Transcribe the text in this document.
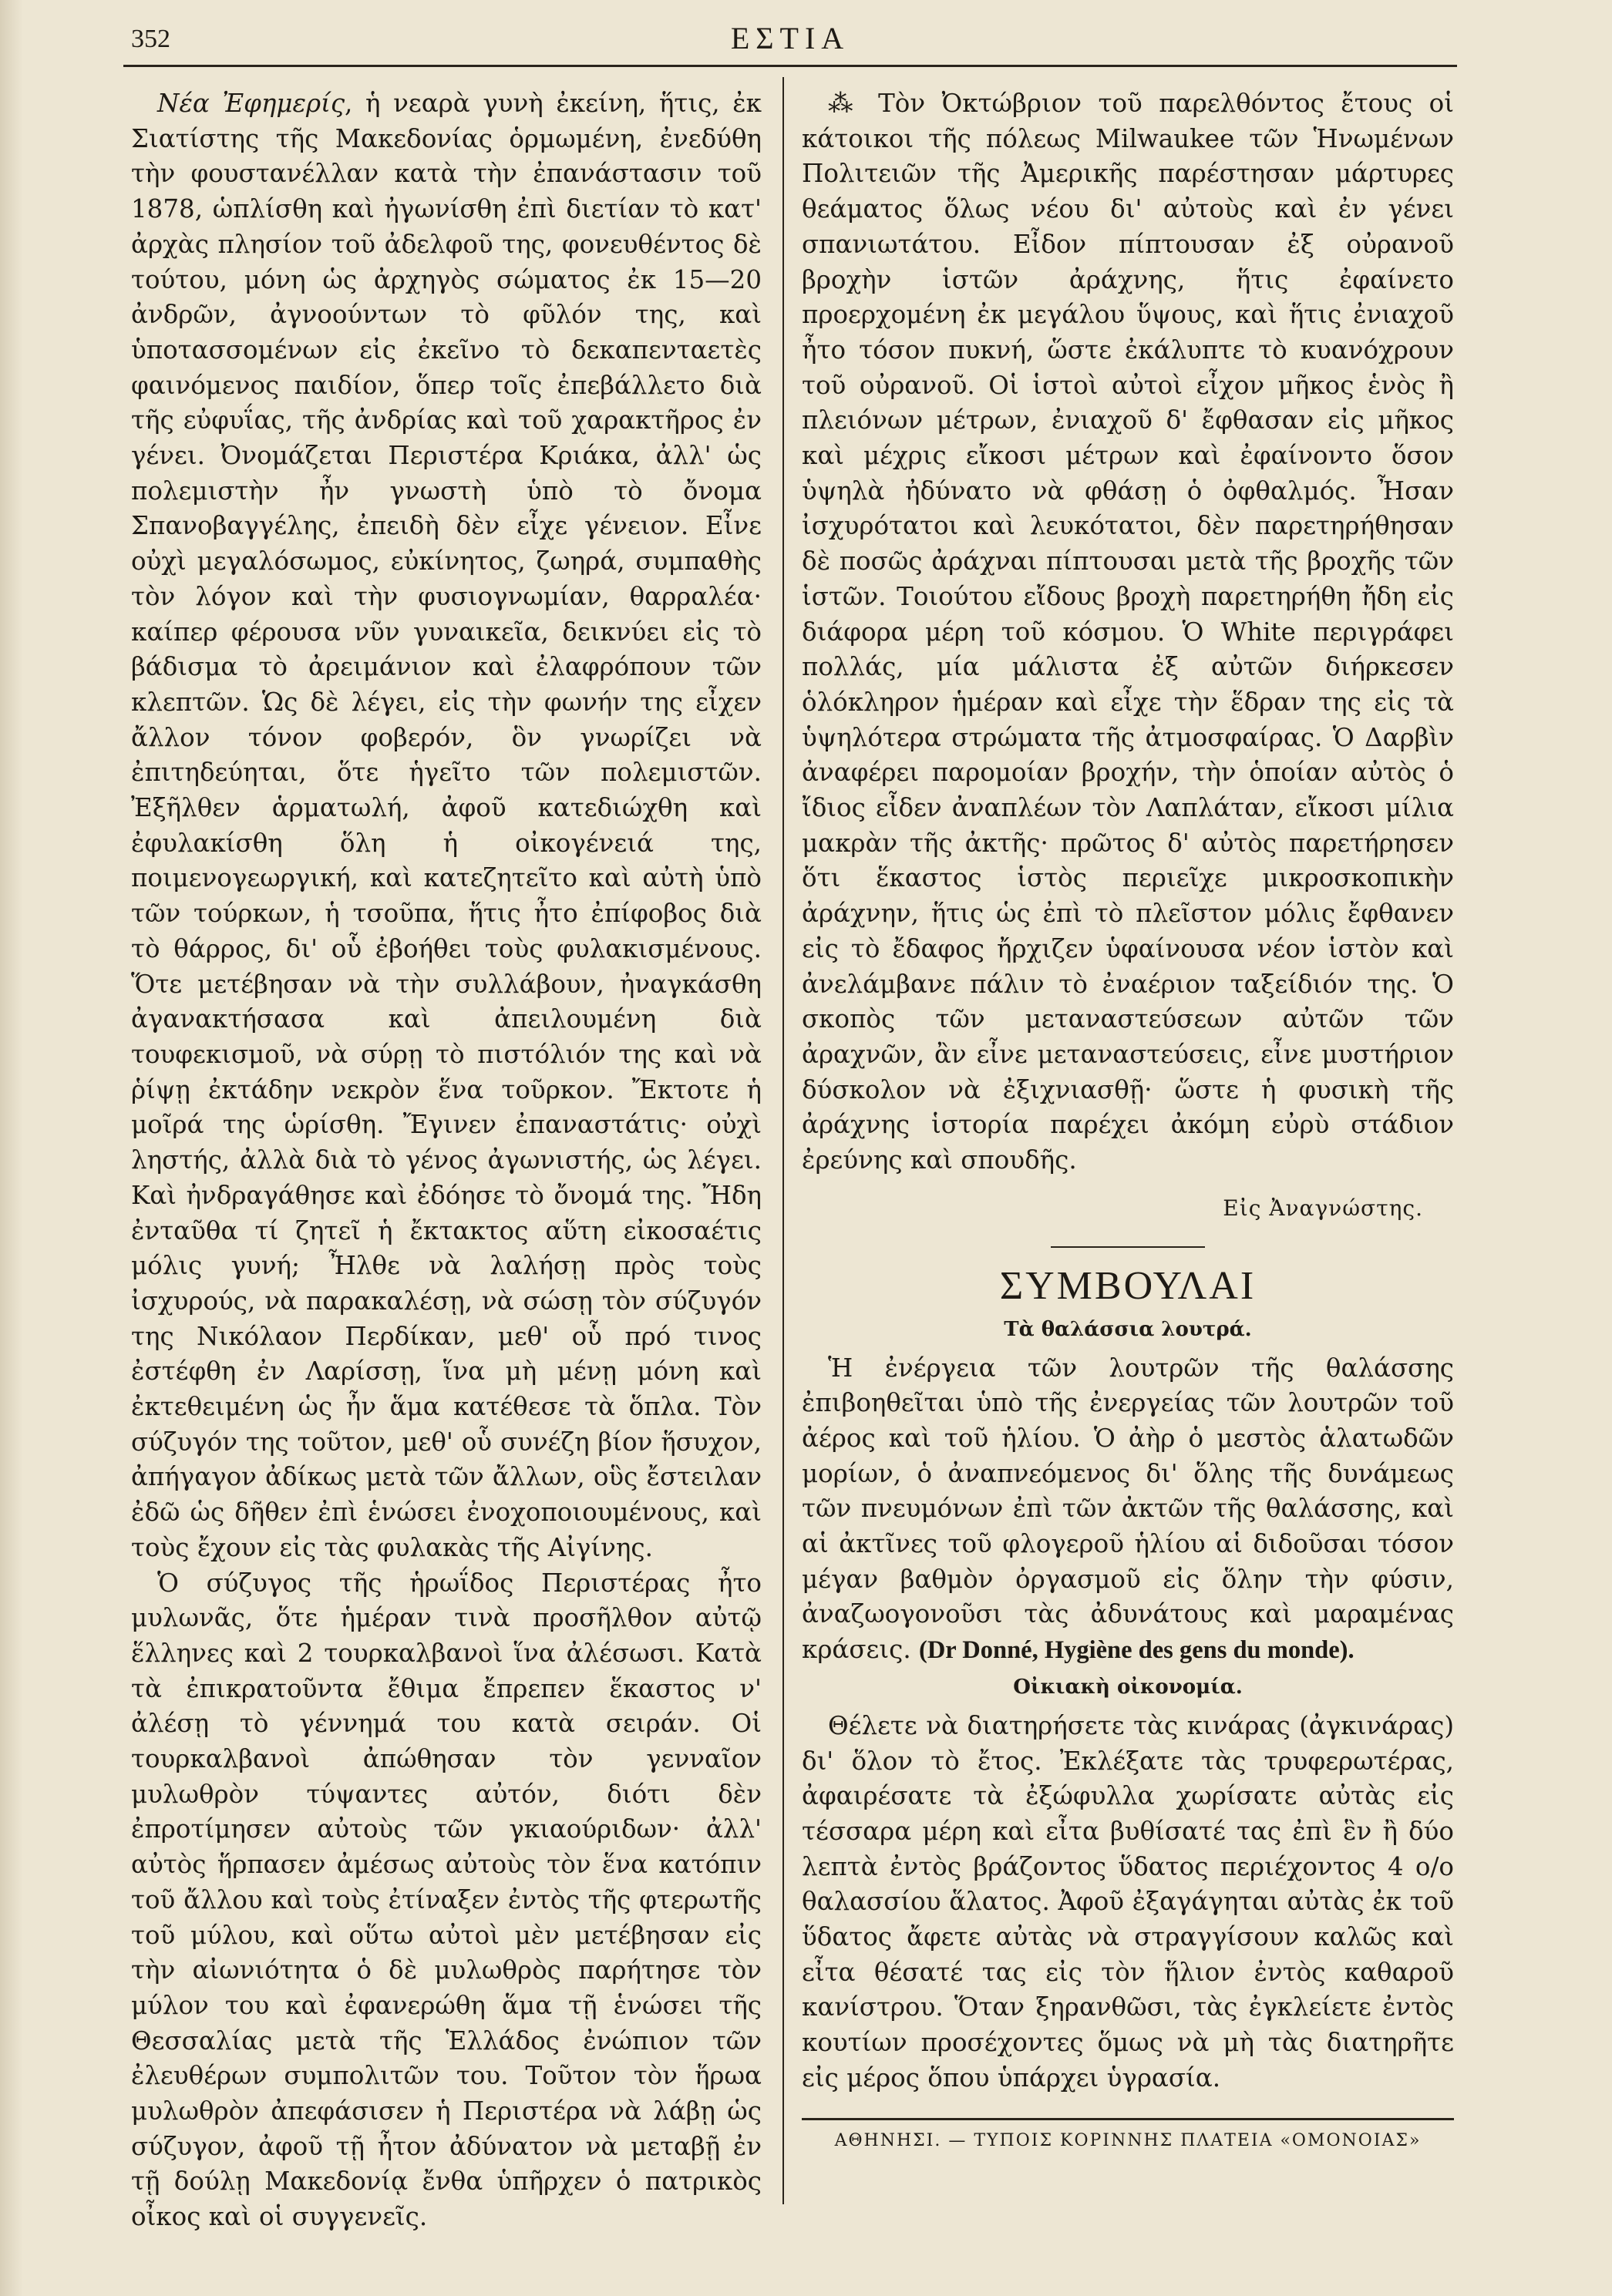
352	ΕΣΤΙΑ

Νέα Ἐφημερίς, ἡ νεαρὰ γυνὴ ἐκείνη, ἥτις, ἐκ Σιατίστης τῆς Μακεδονίας ὁρμωμένη, ἐνεδύθη τὴν φουστανέλλαν κατὰ τὴν ἐπανάστασιν τοῦ 1878, ὡπλίσθη καὶ ἠγωνίσθη ἐπὶ διετίαν τὸ κατ' ἀρχὰς πλησίον τοῦ ἀδελφοῦ της, φονευθέντος δὲ τούτου, μόνη ὡς ἀρχηγὸς σώματος ἐκ 15—20 ἀνδρῶν, ἀγνοούντων τὸ φῦλόν της, καὶ ὑποτασσομένων εἰς ἐκεῖνο τὸ δεκαπενταετὲς φαινόμενος παιδίον, ὅπερ τοῖς ἐπεβάλλετο διὰ τῆς εὐφυΐας, τῆς ἀνδρίας καὶ τοῦ χαρακτῆρος ἐν γένει. Ὀνομάζεται Περιστέρα Κριάκα, ἀλλ' ὡς πολεμιστὴν ἦν γνωστὴ ὑπὸ τὸ ὄνομα Σπανοβαγγέλης, ἐπειδὴ δὲν εἶχε γένειον. Εἶνε οὐχὶ μεγαλόσωμος, εὐκίνητος, ζωηρά, συμπαθὴς τὸν λόγον καὶ τὴν φυσιογνωμίαν, θαρραλέα· καίπερ φέρουσα νῦν γυναικεῖα, δεικνύει εἰς τὸ βάδισμα τὸ ἀρειμάνιον καὶ ἐλαφρόπουν τῶν κλεπτῶν. Ὡς δὲ λέγει, εἰς τὴν φωνήν της εἶχεν ἄλλον τόνον φοβερόν, ὃν γνωρίζει νὰ ἐπιτηδεύηται, ὅτε ἡγεῖτο τῶν πολεμιστῶν. Ἐξῆλθεν ἁρματωλή, ἀφοῦ κατεδιώχθη καὶ ἐφυλακίσθη ὅλη ἡ οἰκογένειά της, ποιμενογεωργική, καὶ κατεζητεῖτο καὶ αὐτὴ ὑπὸ τῶν τούρκων, ἡ τσοῦπα, ἥτις ἦτο ἐπίφοβος διὰ τὸ θάρρος, δι' οὗ ἐβοήθει τοὺς φυλακισμένους. Ὅτε μετέβησαν νὰ τὴν συλλάβουν, ἠναγκάσθη ἀγανακτήσασα καὶ ἀπειλουμένη διὰ τουφεκισμοῦ, νὰ σύρῃ τὸ πιστόλιόν της καὶ νὰ ῥίψῃ ἐκτάδην νεκρὸν ἕνα τοῦρκον. Ἔκτοτε ἡ μοῖρά της ὡρίσθη. Ἔγινεν ἐπαναστάτις· οὐχὶ ληστής, ἀλλὰ διὰ τὸ γένος ἀγωνιστής, ὡς λέγει. Καὶ ἠνδραγάθησε καὶ ἐδόησε τὸ ὄνομά της. Ἤδη ἐνταῦθα τί ζητεῖ ἡ ἔκτακτος αὕτη εἰκοσαέτις μόλις γυνή; Ἦλθε νὰ λαλήσῃ πρὸς τοὺς ἰσχυρούς, νὰ παρακαλέσῃ, νὰ σώσῃ τὸν σύζυγόν της Νικόλαον Περδίκαν, μεθ' οὗ πρό τινος ἐστέφθη ἐν Λαρίσσῃ, ἵνα μὴ μένῃ μόνη καὶ ἐκτεθειμένη ὡς ἦν ἅμα κατέθεσε τὰ ὅπλα. Τὸν σύζυγόν της τοῦτον, μεθ' οὗ συνέζη βίον ἥσυχον, ἀπήγαγον ἀδίκως μετὰ τῶν ἄλλων, οὓς ἔστειλαν ἐδῶ ὡς δῆθεν ἐπὶ ἑνώσει ἐνοχοποιουμένους, καὶ τοὺς ἔχουν εἰς τὰς φυλακὰς τῆς Αἰγίνης.

Ὁ σύζυγος τῆς ἡρωΐδος Περιστέρας ἦτο μυλωνᾶς, ὅτε ἡμέραν τινὰ προσῆλθον αὐτῷ ἕλληνες καὶ 2 τουρκαλβανοὶ ἵνα ἀλέσωσι. Κατὰ τὰ ἐπικρατοῦντα ἔθιμα ἔπρεπεν ἕκαστος ν' ἀλέσῃ τὸ γέννημά του κατὰ σειράν. Οἱ τουρκαλβανοὶ ἀπώθησαν τὸν γενναῖον μυλωθρὸν τύψαντες αὐτόν, διότι δὲν ἐπροτίμησεν αὐτοὺς τῶν γκιαούριδων· ἀλλ' αὐτὸς ἥρπασεν ἀμέσως αὐτοὺς τὸν ἕνα κατόπιν τοῦ ἄλλου καὶ τοὺς ἐτίναξεν ἐντὸς τῆς φτερωτῆς τοῦ μύλου, καὶ οὕτω αὐτοὶ μὲν μετέβησαν εἰς τὴν αἰωνιότητα ὁ δὲ μυλωθρὸς παρήτησε τὸν μύλον του καὶ ἐφανερώθη ἅμα τῇ ἑνώσει τῆς Θεσσαλίας μετὰ τῆς Ἑλλάδος ἐνώπιον τῶν ἐλευθέρων συμπολιτῶν του. Τοῦτον τὸν ἥρωα μυλωθρὸν ἀπεφάσισεν ἡ Περιστέρα νὰ λάβῃ ὡς σύζυγον, ἀφοῦ τῇ ἦτον ἀδύνατον νὰ μεταβῇ ἐν τῇ δούλῃ Μακεδονίᾳ ἔνθα ὑπῆρχεν ὁ πατρικὸς οἶκος καὶ οἱ συγγενεῖς.

⁂ Τὸν Ὀκτώβριον τοῦ παρελθόντος ἔτους οἱ κάτοικοι τῆς πόλεως Milwaukee τῶν Ἡνωμένων Πολιτειῶν τῆς Ἀμερικῆς παρέστησαν μάρτυρες θεάματος ὅλως νέου δι' αὐτοὺς καὶ ἐν γένει σπανιωτάτου. Εἶδον πίπτουσαν ἐξ οὐρανοῦ βροχὴν ἱστῶν ἀράχνης, ἥτις ἐφαίνετο προερχομένη ἐκ μεγάλου ὕψους, καὶ ἥτις ἐνιαχοῦ ἦτο τόσον πυκνή, ὥστε ἐκάλυπτε τὸ κυανόχρουν τοῦ οὐρανοῦ. Οἱ ἱστοὶ αὐτοὶ εἶχον μῆκος ἑνὸς ἢ πλειόνων μέτρων, ἐνιαχοῦ δ' ἔφθασαν εἰς μῆκος καὶ μέχρις εἴκοσι μέτρων καὶ ἐφαίνοντο ὅσον ὑψηλὰ ἠδύνατο νὰ φθάσῃ ὁ ὀφθαλμός. Ἦσαν ἰσχυρότατοι καὶ λευκότατοι, δὲν παρετηρήθησαν δὲ ποσῶς ἀράχναι πίπτουσαι μετὰ τῆς βροχῆς τῶν ἱστῶν. Τοιούτου εἴδους βροχὴ παρετηρήθη ἤδη εἰς διάφορα μέρη τοῦ κόσμου. Ὁ White περιγράφει πολλάς, μία μάλιστα ἐξ αὐτῶν διήρκεσεν ὁλόκληρον ἡμέραν καὶ εἶχε τὴν ἕδραν της εἰς τὰ ὑψηλότερα στρώματα τῆς ἀτμοσφαίρας. Ὁ Δαρβὶν ἀναφέρει παρομοίαν βροχήν, τὴν ὁποίαν αὐτὸς ὁ ἴδιος εἶδεν ἀναπλέων τὸν Λαπλάταν, εἴκοσι μίλια μακρὰν τῆς ἀκτῆς· πρῶτος δ' αὐτὸς παρετήρησεν ὅτι ἕκαστος ἱστὸς περιεῖχε μικροσκοπικὴν ἀράχνην, ἥτις ὡς ἐπὶ τὸ πλεῖστον μόλις ἔφθανεν εἰς τὸ ἔδαφος ἤρχιζεν ὑφαίνουσα νέον ἱστὸν καὶ ἀνελάμβανε πάλιν τὸ ἐναέριον ταξείδιόν της. Ὁ σκοπὸς τῶν μεταναστεύσεων αὐτῶν τῶν ἀραχνῶν, ἂν εἶνε μεταναστεύσεις, εἶνε μυστήριον δύσκολον νὰ ἐξιχνιασθῇ· ὥστε ἡ φυσικὴ τῆς ἀράχνης ἱστορία παρέχει ἀκόμη εὐρὺ στάδιον ἐρεύνης καὶ σπουδῆς.

Εἰς Ἀναγνώστης.
ΣΥΜΒΟΥΛΑΙ
Τὰ θαλάσσια λουτρά.

Ἡ ἐνέργεια τῶν λουτρῶν τῆς θαλάσσης ἐπιβοηθεῖται ὑπὸ τῆς ἐνεργείας τῶν λουτρῶν τοῦ ἀέρος καὶ τοῦ ἡλίου. Ὁ ἀὴρ ὁ μεστὸς ἁλατωδῶν μορίων, ὁ ἀναπνεόμενος δι' ὅλης τῆς δυνάμεως τῶν πνευμόνων ἐπὶ τῶν ἀκτῶν τῆς θαλάσσης, καὶ αἱ ἀκτῖνες τοῦ φλογεροῦ ἡλίου αἱ διδοῦσαι τόσον μέγαν βαθμὸν ὀργασμοῦ εἰς ὅλην τὴν φύσιν, ἀναζωογονοῦσι τὰς ἀδυνάτους καὶ μαραμένας κράσεις. (Dr Donné, Hygiène des gens du monde).

Οἰκιακὴ οἰκονομία.

Θέλετε νὰ διατηρήσετε τὰς κινάρας (ἀγκινάρας) δι' ὅλον τὸ ἔτος. Ἐκλέξατε τὰς τρυφερωτέρας, ἀφαιρέσατε τὰ ἐξώφυλλα χωρίσατε αὐτὰς εἰς τέσσαρα μέρη καὶ εἶτα βυθίσατέ τας ἐπὶ ἓν ἢ δύο λεπτὰ ἐντὸς βράζοντος ὕδατος περιέχοντος 4 ο/ο θαλασσίου ἅλατος. Ἀφοῦ ἐξαγάγηται αὐτὰς ἐκ τοῦ ὕδατος ἄφετε αὐτὰς νὰ στραγγίσουν καλῶς καὶ εἶτα θέσατέ τας εἰς τὸν ἥλιον ἐντὸς καθαροῦ κανίστρου. Ὅταν ξηρανθῶσι, τὰς ἐγκλείετε ἐντὸς κουτίων προσέχοντες ὅμως νὰ μὴ τὰς διατηρῆτε εἰς μέρος ὅπου ὑπάρχει ὑγρασία.

ΑΘΗΝΗΣΙ. — ΤΥΠΟΙΣ ΚΟΡΙΝΝΗΣ ΠΛΑΤΕΙΑ «ΟΜΟΝΟΙΑΣ»
